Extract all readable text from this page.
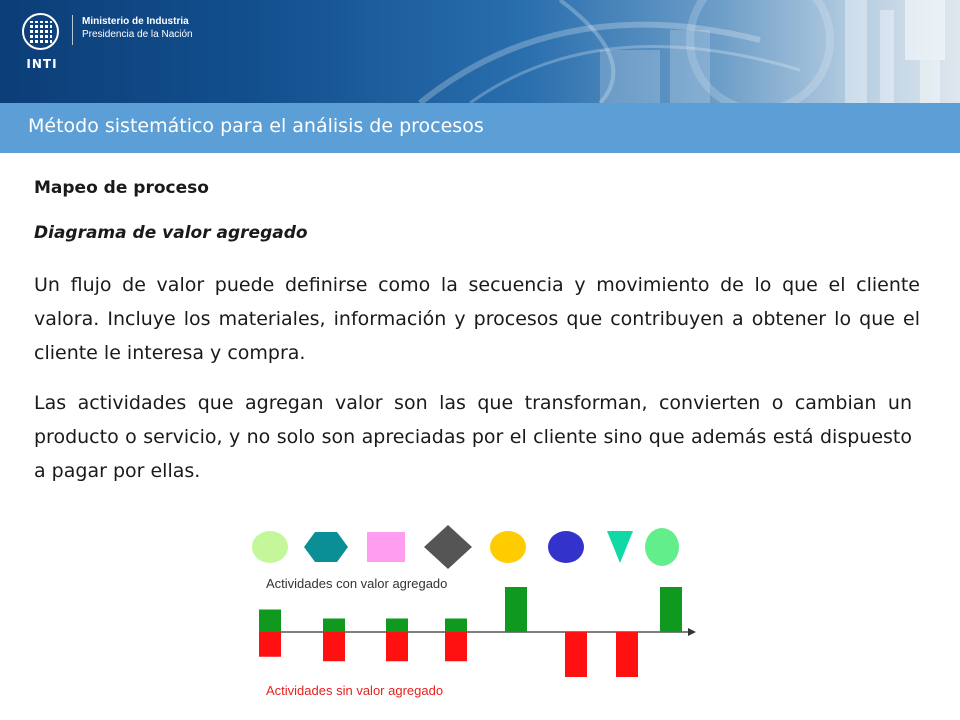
INTI
Ministerio de Industria
Presidencia de la Nación
Método sistemático para el análisis de procesos
Mapeo de proceso
Diagrama de valor agregado

Un flujo de valor puede definirse como la secuencia y movimiento de lo que el cliente valora. Incluye los materiales, información y procesos que contribuyen a obtener lo que el cliente le interesa y compra.

Las actividades que agregan valor son las que transforman, convierten o cambian un producto o servicio, y no solo son apreciadas por el cliente sino que además está dispuesto a pagar por ellas.

Actividades con valor agregado
Actividades sin valor agregado
